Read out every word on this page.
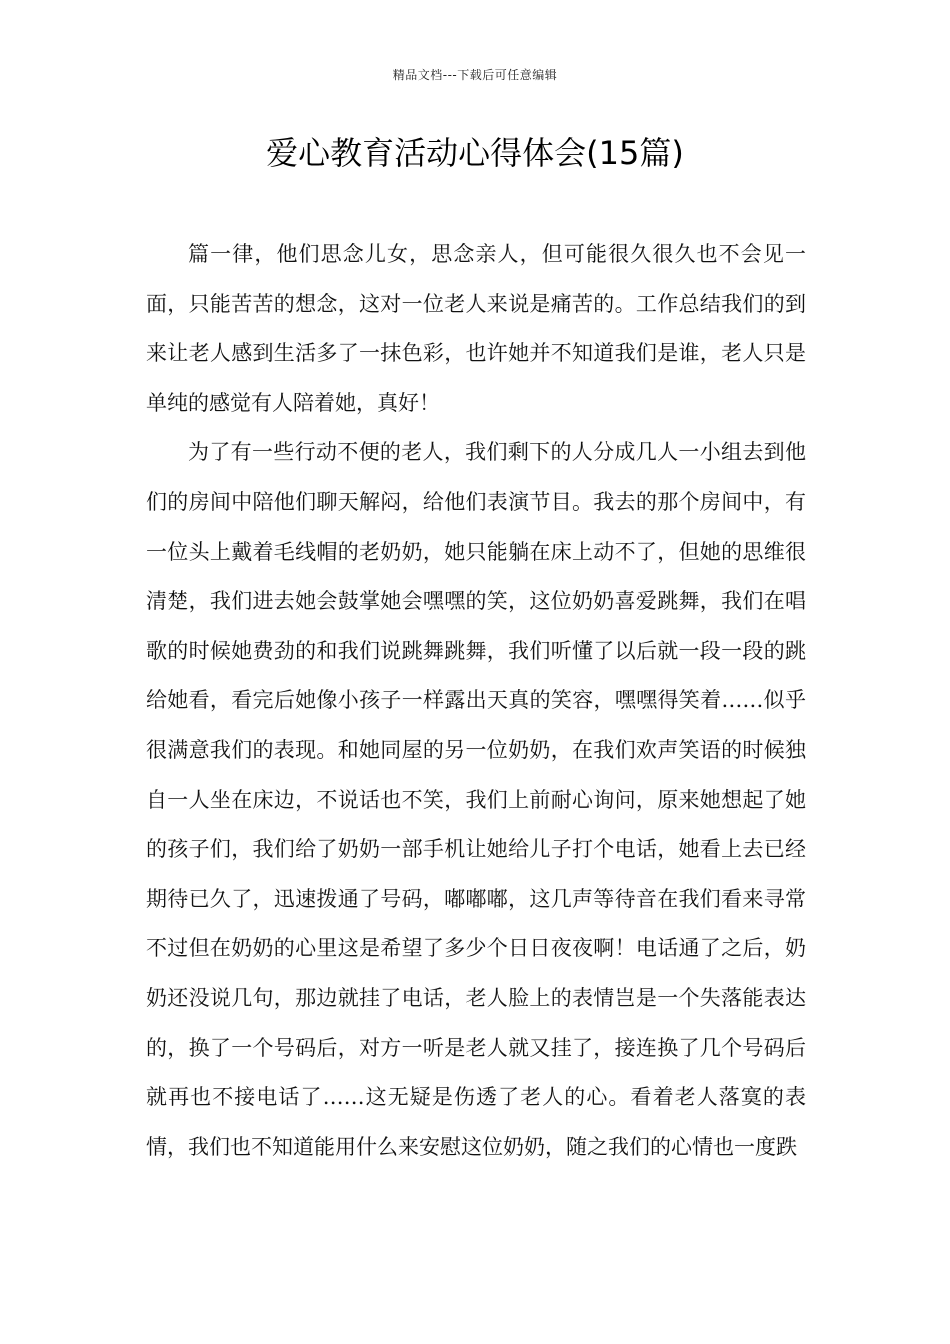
精品文档---下载后可任意编辑
爱心教育活动心得体会(15篇)

篇一律，他们思念儿女，思念亲人，但可能很久很久也不会见一面，只能苦苦的想念，这对一位老人来说是痛苦的。工作总结我们的到来让老人感到生活多了一抹色彩，也许她并不知道我们是谁，老人只是单纯的感觉有人陪着她，真好！

为了有一些行动不便的老人，我们剩下的人分成几人一小组去到他们的房间中陪他们聊天解闷，给他们表演节目。我去的那个房间中，有一位头上戴着毛线帽的老奶奶，她只能躺在床上动不了，但她的思维很清楚，我们进去她会鼓掌她会嘿嘿的笑，这位奶奶喜爱跳舞，我们在唱歌的时候她费劲的和我们说跳舞跳舞，我们听懂了以后就一段一段的跳给她看，看完后她像小孩子一样露出天真的笑容，嘿嘿得笑着……似乎很满意我们的表现。和她同屋的另一位奶奶，在我们欢声笑语的时候独自一人坐在床边，不说话也不笑，我们上前耐心询问，原来她想起了她的孩子们，我们给了奶奶一部手机让她给儿子打个电话，她看上去已经期待已久了，迅速拨通了号码，嘟嘟嘟，这几声等待音在我们看来寻常不过但在奶奶的心里这是希望了多少个日日夜夜啊！电话通了之后，奶奶还没说几句，那边就挂了电话，老人脸上的表情岂是一个失落能表达的，换了一个号码后，对方一听是老人就又挂了，接连换了几个号码后就再也不接电话了……这无疑是伤透了老人的心。看着老人落寞的表情，我们也不知道能用什么来安慰这位奶奶，随之我们的心情也一度跌
